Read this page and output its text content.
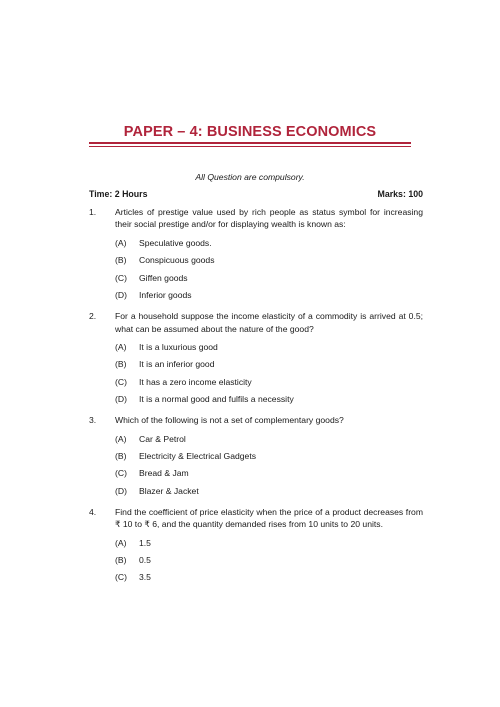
PAPER – 4: BUSINESS ECONOMICS
All Question are compulsory.
Time: 2 Hours	Marks: 100
1. Articles of prestige value used by rich people as status symbol for increasing their social prestige and/or for displaying wealth is known as:
(A) Speculative goods.
(B) Conspicuous goods
(C) Giffen goods
(D) Inferior goods
2. For a household suppose the income elasticity of a commodity is arrived at 0.5; what can be assumed about the nature of the good?
(A) It is a luxurious good
(B) It is an inferior good
(C) It has a zero income elasticity
(D) It is a normal good and fulfils a necessity
3. Which of the following is not a set of complementary goods?
(A) Car & Petrol
(B) Electricity & Electrical Gadgets
(C) Bread & Jam
(D) Blazer & Jacket
4. Find the coefficient of price elasticity when the price of a product decreases from ₹ 10 to ₹ 6, and the quantity demanded rises from 10 units to 20 units.
(A) 1.5
(B) 0.5
(C) 3.5
